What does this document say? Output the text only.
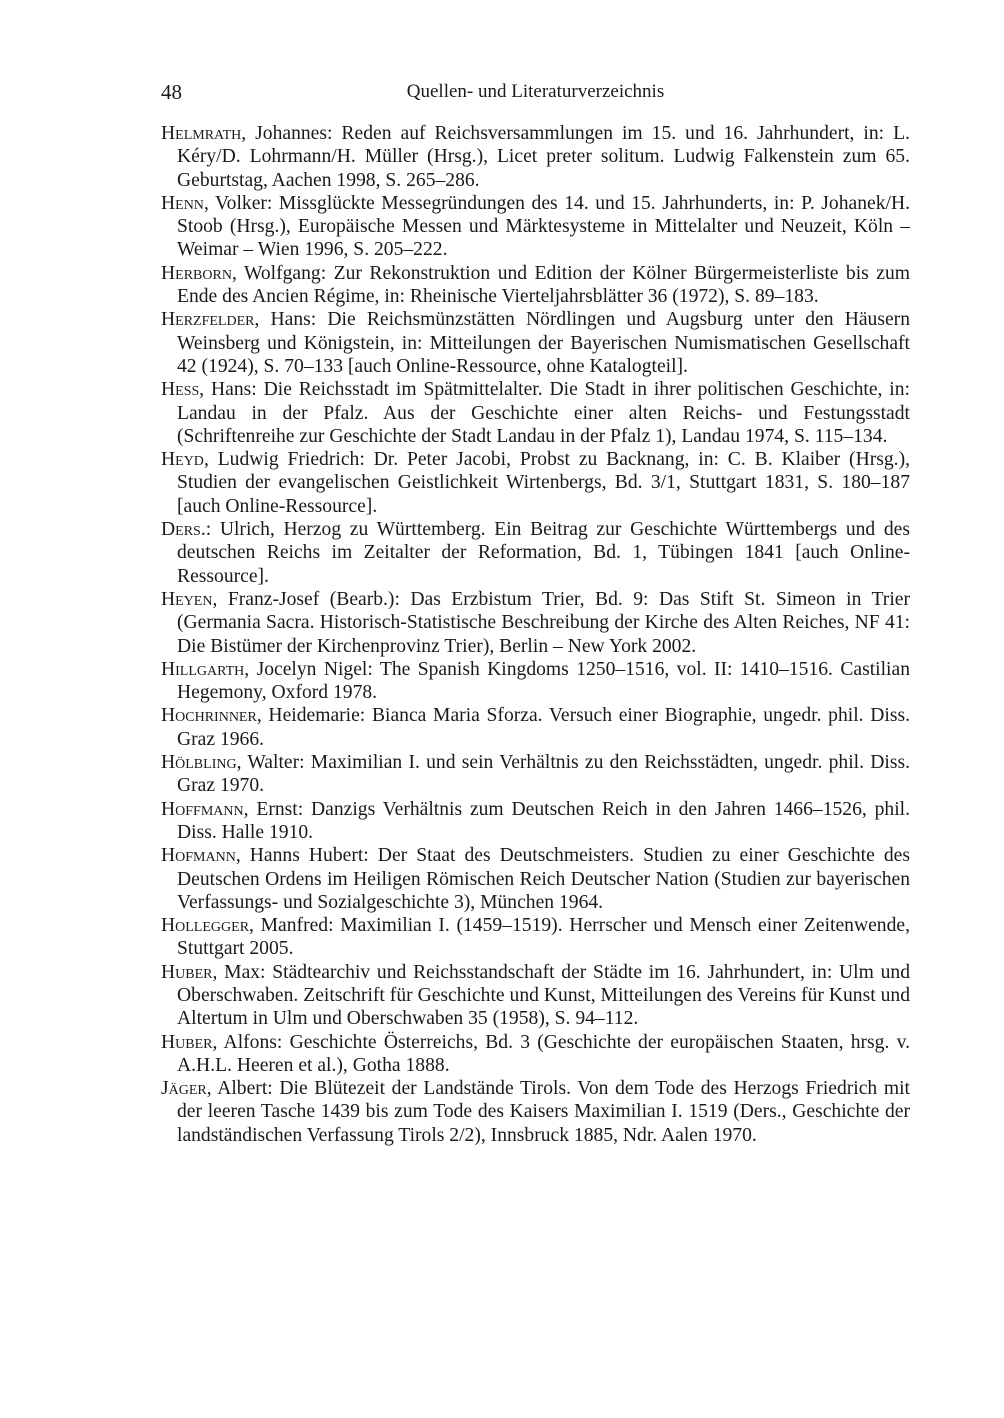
48	Quellen- und Literaturverzeichnis
Helmrath, Johannes: Reden auf Reichsversammlungen im 15. und 16. Jahrhundert, in: L. Kéry/D. Lohrmann/H. Müller (Hrsg.), Licet preter solitum. Ludwig Falkenstein zum 65. Geburtstag, Aachen 1998, S. 265–286.
Henn, Volker: Missglückte Messegründungen des 14. und 15. Jahrhunderts, in: P. Johanek/H. Stoob (Hrsg.), Europäische Messen und Märktesysteme in Mittelalter und Neuzeit, Köln – Weimar – Wien 1996, S. 205–222.
Herborn, Wolfgang: Zur Rekonstruktion und Edition der Kölner Bürgermeisterliste bis zum Ende des Ancien Régime, in: Rheinische Vierteljahrsblätter 36 (1972), S. 89–183.
Herzfelder, Hans: Die Reichsmünzstätten Nördlingen und Augsburg unter den Häusern Weinsberg und Königstein, in: Mitteilungen der Bayerischen Numismatischen Gesellschaft 42 (1924), S. 70–133 [auch Online-Ressource, ohne Katalogteil].
Hess, Hans: Die Reichsstadt im Spätmittelalter. Die Stadt in ihrer politischen Geschichte, in: Landau in der Pfalz. Aus der Geschichte einer alten Reichs- und Festungsstadt (Schriftenreihe zur Geschichte der Stadt Landau in der Pfalz 1), Landau 1974, S. 115–134.
Heyd, Ludwig Friedrich: Dr. Peter Jacobi, Probst zu Backnang, in: C. B. Klaiber (Hrsg.), Studien der evangelischen Geistlichkeit Wirtenbergs, Bd. 3/1, Stuttgart 1831, S. 180–187 [auch Online-Ressource].
Ders.: Ulrich, Herzog zu Württemberg. Ein Beitrag zur Geschichte Württembergs und des deutschen Reichs im Zeitalter der Reformation, Bd. 1, Tübingen 1841 [auch Online-Ressource].
Heyen, Franz-Josef (Bearb.): Das Erzbistum Trier, Bd. 9: Das Stift St. Simeon in Trier (Germania Sacra. Historisch-Statistische Beschreibung der Kirche des Alten Reiches, NF 41: Die Bistümer der Kirchenprovinz Trier), Berlin – New York 2002.
Hillgarth, Jocelyn Nigel: The Spanish Kingdoms 1250–1516, vol. II: 1410–1516. Castilian Hegemony, Oxford 1978.
Hochrinner, Heidemarie: Bianca Maria Sforza. Versuch einer Biographie, ungedr. phil. Diss. Graz 1966.
Hölbling, Walter: Maximilian I. und sein Verhältnis zu den Reichsstädten, ungedr. phil. Diss. Graz 1970.
Hoffmann, Ernst: Danzigs Verhältnis zum Deutschen Reich in den Jahren 1466–1526, phil. Diss. Halle 1910.
Hofmann, Hanns Hubert: Der Staat des Deutschmeisters. Studien zu einer Geschichte des Deutschen Ordens im Heiligen Römischen Reich Deutscher Nation (Studien zur bayerischen Verfassungs- und Sozialgeschichte 3), München 1964.
Hollegger, Manfred: Maximilian I. (1459–1519). Herrscher und Mensch einer Zeitenwende, Stuttgart 2005.
Huber, Max: Städtearchiv und Reichsstandschaft der Städte im 16. Jahrhundert, in: Ulm und Oberschwaben. Zeitschrift für Geschichte und Kunst, Mitteilungen des Vereins für Kunst und Altertum in Ulm und Oberschwaben 35 (1958), S. 94–112.
Huber, Alfons: Geschichte Österreichs, Bd. 3 (Geschichte der europäischen Staaten, hrsg. v. A.H.L. Heeren et al.), Gotha 1888.
Jäger, Albert: Die Blütezeit der Landstände Tirols. Von dem Tode des Herzogs Friedrich mit der leeren Tasche 1439 bis zum Tode des Kaisers Maximilian I. 1519 (Ders., Geschichte der landständischen Verfassung Tirols 2/2), Innsbruck 1885, Ndr. Aalen 1970.
